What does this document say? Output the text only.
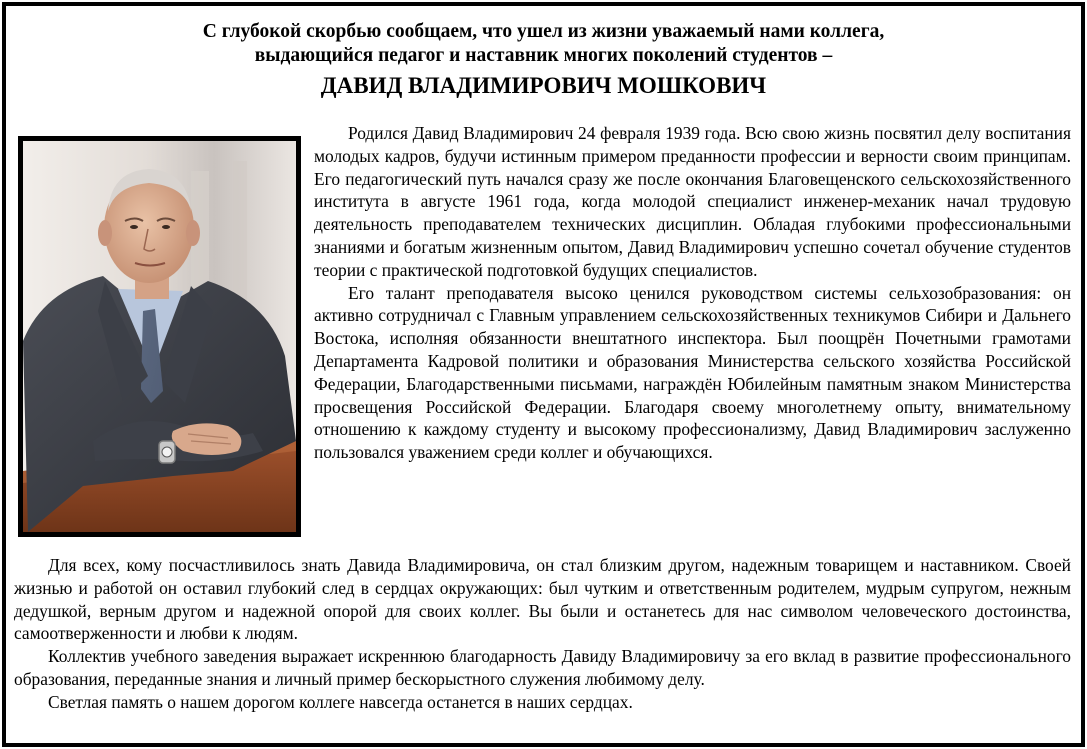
С глубокой скорбью сообщаем, что ушел из жизни уважаемый нами коллега,
выдающийся педагог и наставник многих поколений студентов –
ДАВИД ВЛАДИМИРОВИЧ МОШКОВИЧ

Родился Давид Владимирович 24 февраля 1939 года. Всю свою жизнь посвятил делу воспитания молодых кадров, будучи истинным примером преданности профессии и верности своим принципам. Его педагогический путь начался сразу же после окончания Благовещенского сельскохозяйственного института в августе 1961 года, когда молодой специалист инженер-механик начал трудовую деятельность преподавателем технических дисциплин. Обладая глубокими профессиональными знаниями и богатым жизненным опытом, Давид Владимирович успешно сочетал обучение студентов теории с практической подготовкой будущих специалистов.

Его талант преподавателя высоко ценился руководством системы сельхозобразования: он активно сотрудничал с Главным управлением сельскохозяйственных техникумов Сибири и Дальнего Востока, исполняя обязанности внештатного инспектора. Был поощрён Почетными грамотами Департамента Кадровой политики и образования Министерства сельского хозяйства Российской Федерации, Благодарственными письмами, награждён Юбилейным памятным знаком Министерства просвещения Российской Федерации. Благодаря своему многолетнему опыту, внимательному отношению к каждому студенту и высокому профессионализму, Давид Владимирович заслуженно пользовался уважением среди коллег и обучающихся.

Для всех, кому посчастливилось знать Давида Владимировича, он стал близким другом, надежным товарищем и наставником. Своей жизнью и работой он оставил глубокий след в сердцах окружающих: был чутким и ответственным родителем, мудрым супругом, нежным дедушкой, верным другом и надежной опорой для своих коллег. Вы были и останетесь для нас символом человеческого достоинства, самоотверженности и любви к людям.

Коллектив учебного заведения выражает искреннюю благодарность Давиду Владимировичу за его вклад в развитие профессионального образования, переданные знания и личный пример бескорыстного служения любимому делу.

Светлая память о нашем дорогом коллеге навсегда останется в наших сердцах.
